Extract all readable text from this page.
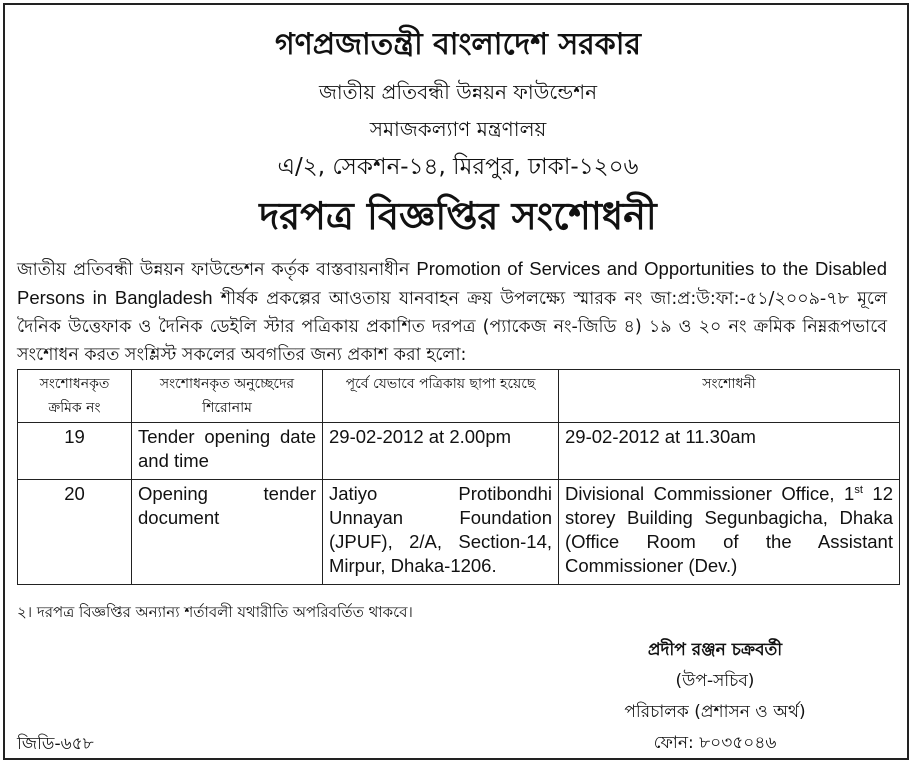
গণপ্রজাতন্ত্রী বাংলাদেশ সরকার
জাতীয় প্রতিবন্ধী উন্নয়ন ফাউন্ডেশন
সমাজকল্যাণ মন্ত্রণালয়
এ/২, সেকশন-১৪, মিরপুর, ঢাকা-১২০৬
দরপত্র বিজ্ঞপ্তির সংশোধনী
জাতীয় প্রতিবন্ধী উন্নয়ন ফাউন্ডেশন কর্তৃক বাস্তবায়নাধীন Promotion of Services and Opportunities to the Disabled Persons in Bangladesh শীর্ষক প্রকল্পের আওতায় যানবাহন ক্রয় উপলক্ষ্যে স্মারক নং জা:প্র:উ:ফা:-৫১/২০০৯-৭৮ মূলে দৈনিক উত্তেফাক ও দৈনিক ডেইলি স্টার পত্রিকায় প্রকাশিত দরপত্র (প্যাকেজ নং-জিডি ৪) ১৯ ও ২০ নং ক্রমিক নিম্নরূপভাবে সংশোধন করত সংশ্লিস্ট সকলের অবগতির জন্য প্রকাশ করা হলো:
সংশোধনকৃত ক্রমিক নং	সংশোধনকৃত অনুচ্ছেদের শিরোনাম	পূর্বে যেভাবে পত্রিকায় ছাপা হয়েছে	সংশোধনী
19	Tender opening date and time	29-02-2012 at 2.00pm	29-02-2012 at 11.30am
20	Opening tender document	Jatiyo Protibondhi Unnayan Foundation (JPUF), 2/A, Section-14, Mirpur, Dhaka-1206.	Divisional Commissioner Office, 1st 12 storey Building Segunbagicha, Dhaka (Office Room of the Assistant Commissioner (Dev.)
২। দরপত্র বিজ্ঞপ্তির অন্যান্য শর্তাবলী যথারীতি অপরিবর্তিত থাকবে।
প্রদীপ রঞ্জন চক্রবর্তী
(উপ-সচিব)
পরিচালক (প্রশাসন ও অর্থ)
ফোন: ৮০৩৫০৪৬
জিডি-৬৫৮
